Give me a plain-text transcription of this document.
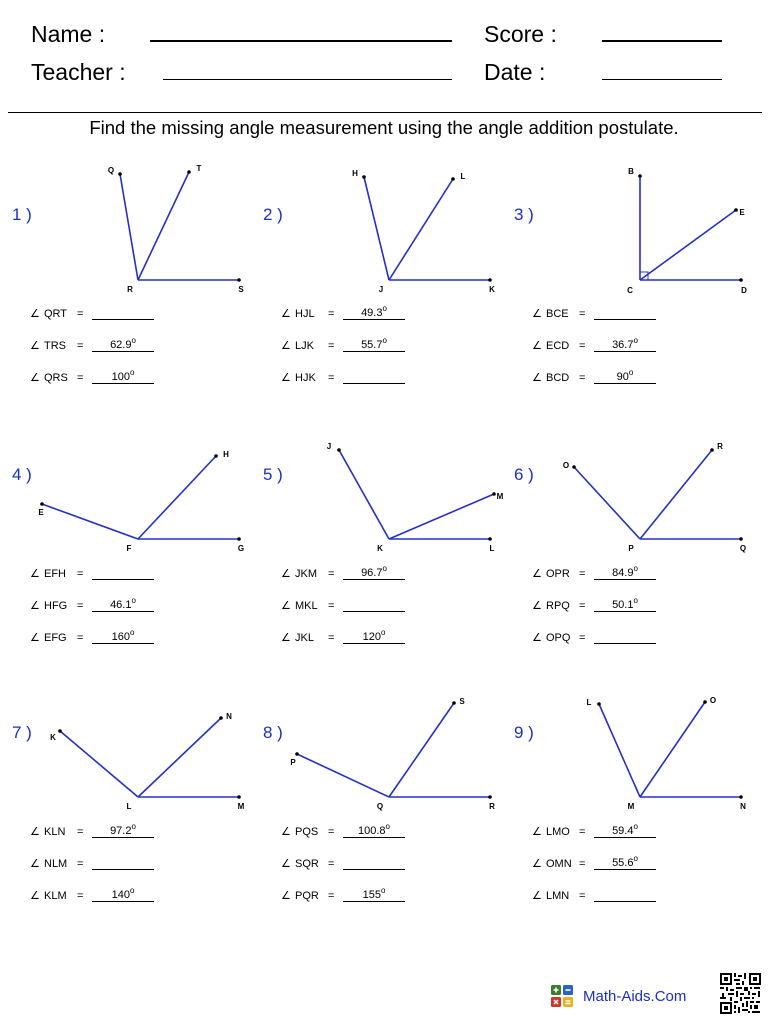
Name :
Teacher :
Score :
Date :
Find the missing angle measurement using the angle addition postulate.
1 )
Q	T
S
R
∠ QRT =
∠ TRS =	$62.9^o$
∠ QRS =	$100^o$
2 )
H	L
K
J
∠ HJL =	$49.3^o$
∠ LJK =	$55.7^o$
∠ HJK =
3 )
B
E
D
C
∠ BCE =
∠ ECD =	$36.7^o$
∠ BCD =	$90^o$
4 )
E
H
G
F
∠ EFH =
∠ HFG =	$46.1^o$
∠ EFG =	$160^o$
5 )
J
M
L
K
∠ JKM =	$96.7^o$
∠ MKL =
∠ JKL =	$120^o$
6 )	O
R
Q
P
∠ OPR =	$84.9^o$
∠ RPQ =	$50.1^o$
∠ OPQ =
7 ) K
N
M
L
∠ KLN =	$97.2^o$
∠ NLM =
∠ KLM =	$140^o$
8 )
P
S
R
Q
∠ PQS =	$100.8^o$
∠ SQR =
∠ PQR =	$155^o$
9 )
L	O
N
M
∠ LMO =	$59.4^o$
∠ OMN =	$55.6^o$
∠ LMN =
Math-Aids.Com
